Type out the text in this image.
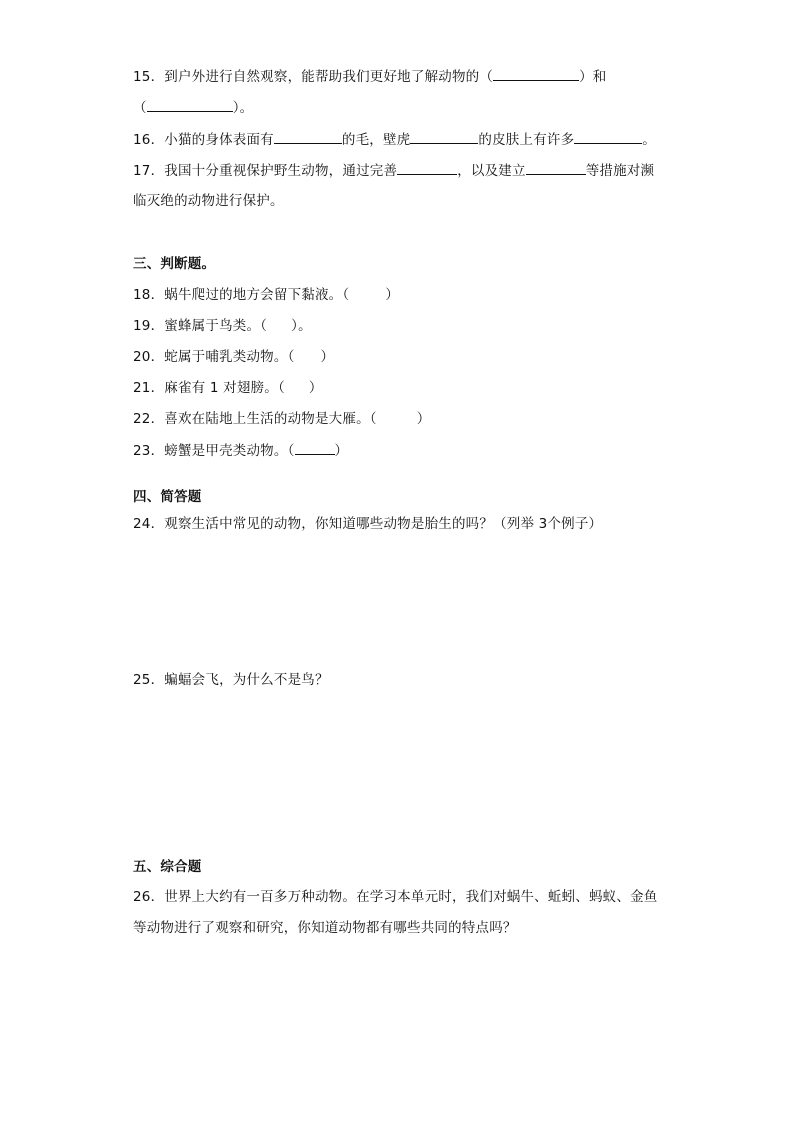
15．到户外进行自然观察，能帮助我们更好地了解动物的（	）和
（	）。
16．小猫的身体表面有	的毛，壁虎	的皮肤上有许多	。
17．我国十分重视保护野生动物，通过完善	，以及建立	等措施对濒
临灭绝的动物进行保护。
三、判断题。
18．蜗牛爬过的地方会留下黏液。（	）
19．蜜蜂属于鸟类。（ ）。
20．蛇属于哺乳类动物。（ ）
21．麻雀有 1 对翅膀。（ ）
22．喜欢在陆地上生活的动物是大雁。（	）
23．螃蟹是甲壳类动物。（	）
四、简答题
24．观察生活中常见的动物，你知道哪些动物是胎生的吗？（列举 3个例子）
25．蝙蝠会飞，为什么不是鸟？
五、综合题
26．世界上大约有一百多万种动物。在学习本单元时，我们对蜗牛、蚯蚓、蚂蚁、金鱼
等动物进行了观察和研究，你知道动物都有哪些共同的特点吗？
